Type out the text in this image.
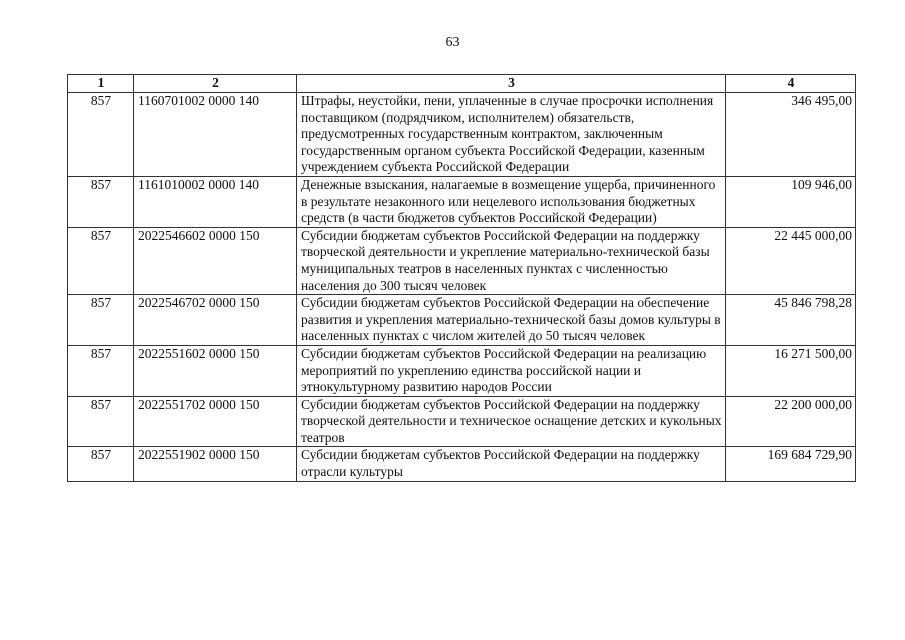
63
1	2	3	4
857	1160701002 0000 140	Штрафы, неустойки, пени, уплаченные в случае просрочки исполнения поставщиком (подрядчиком, исполнителем) обязательств, предусмотренных государственным контрактом, заключенным государственным органом субъекта Российской Федерации, казенным учреждением субъекта Российской Федерации	346 495,00
857	1161010002 0000 140	Денежные взыскания, налагаемые в возмещение ущерба, причиненного в результате незаконного или нецелевого использования бюджетных средств (в части бюджетов субъектов Российской Федерации)	109 946,00
857	2022546602 0000 150	Субсидии бюджетам субъектов Российской Федерации на поддержку творческой деятельности и укрепление материально-технической базы муниципальных театров в населенных пунктах с численностью населения до 300 тысяч человек	22 445 000,00
857	2022546702 0000 150	Субсидии бюджетам субъектов Российской Федерации на обеспечение развития и укрепления материально-технической базы домов культуры в населенных пунктах с числом жителей до 50 тысяч человек	45 846 798,28
857	2022551602 0000 150	Субсидии бюджетам субъектов Российской Федерации на реализацию мероприятий по укреплению единства российской нации и этнокультурному развитию народов России	16 271 500,00
857	2022551702 0000 150	Субсидии бюджетам субъектов Российской Федерации на поддержку творческой деятельности и техническое оснащение детских и кукольных театров	22 200 000,00
857	2022551902 0000 150	Субсидии бюджетам субъектов Российской Федерации на поддержку отрасли культуры	169 684 729,90
